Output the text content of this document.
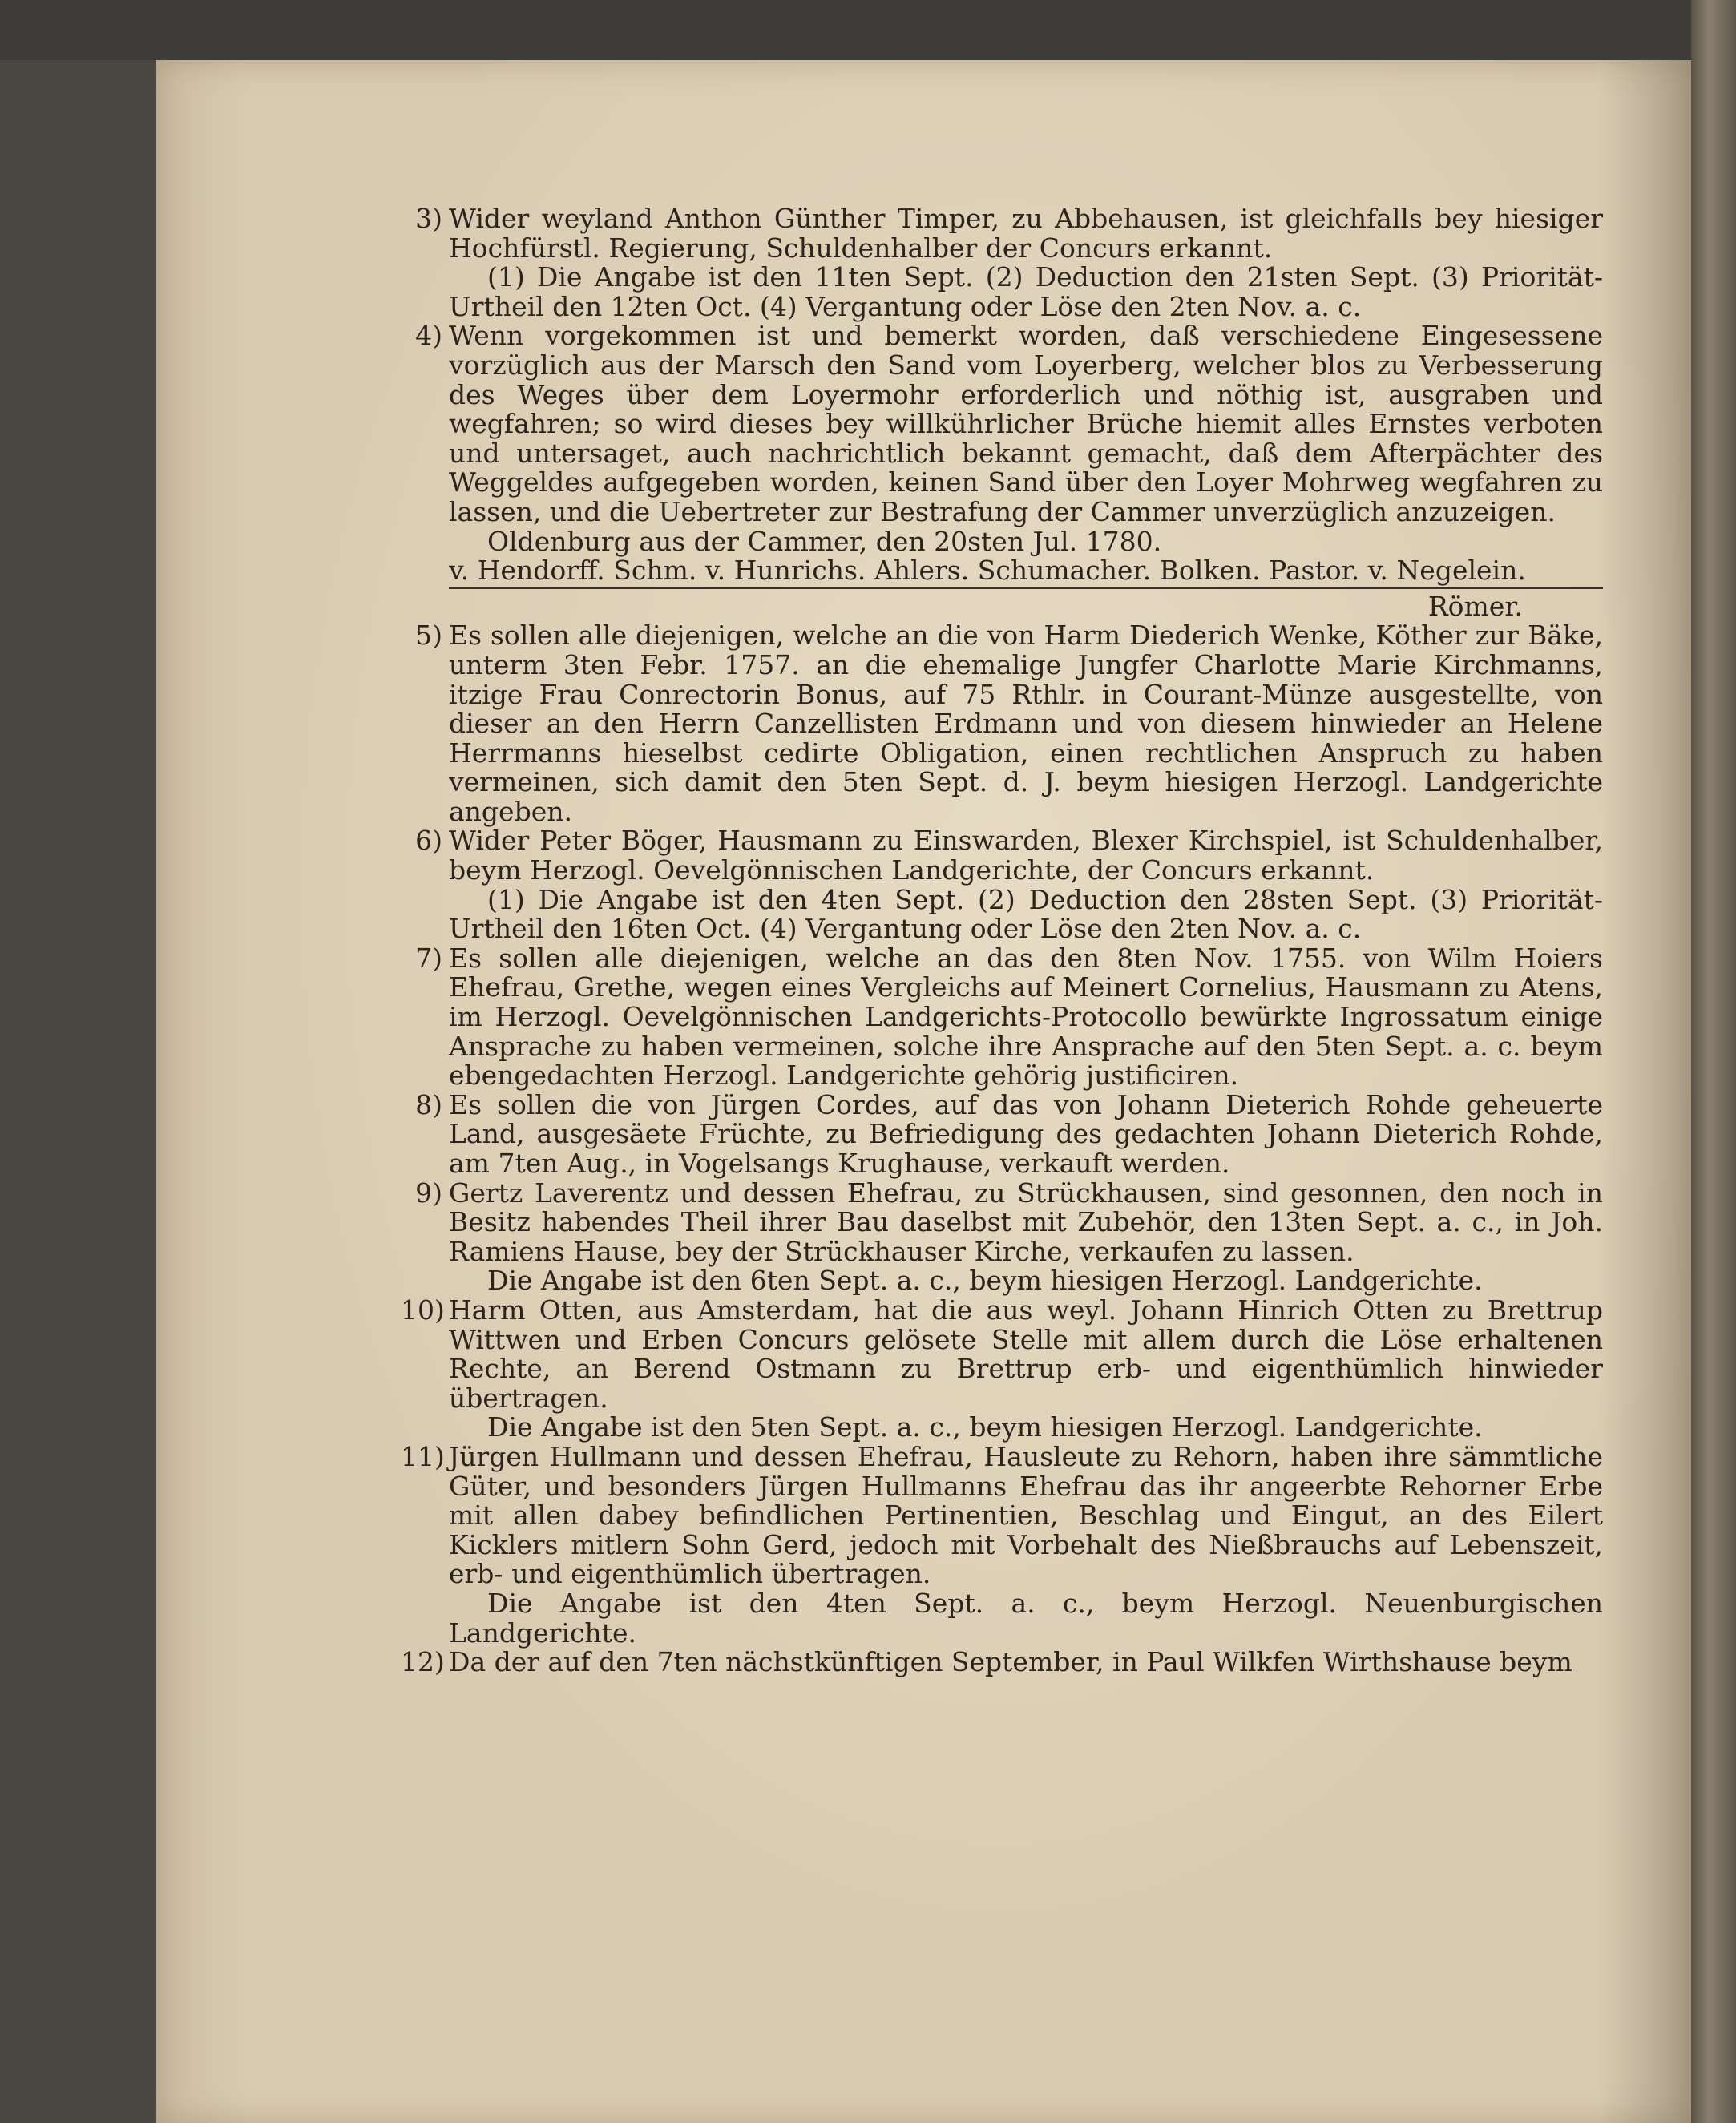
3) Wider weyland Anthon Günther Timper, zu Abbehausen, ist gleichfalls bey hiesiger Hochfürstl. Regierung, Schuldenhalber der Concurs erkannt.

(1) Die Angabe ist den 11ten Sept. (2) Deduction den 21sten Sept. (3) Priorität-Urtheil den 12ten Oct. (4) Vergantung oder Löse den 2ten Nov. a. c.

4) Wenn vorgekommen ist und bemerkt worden, daß verschiedene Eingesessene vorzüglich aus der Marsch den Sand vom Loyerberg, welcher blos zu Verbesserung des Weges über dem Loyermohr erforderlich und nöthig ist, ausgraben und wegfahren; so wird dieses bey willkührlicher Brüche hiemit alles Ernstes verboten und untersaget, auch nachrichtlich bekannt gemacht, daß dem Afterpächter des Weggeldes aufgegeben worden, keinen Sand über den Loyer Mohrweg wegfahren zu lassen, und die Uebertreter zur Bestrafung der Cammer unverzüglich anzuzeigen.

Oldenburg aus der Cammer, den 20sten Jul. 1780.

v. Hendorff. Schm. v. Hunrichs. Ahlers. Schumacher. Bolken. Pastor. v. Negelein.

Römer.

5) Es sollen alle diejenigen, welche an die von Harm Diederich Wenke, Köther zur Bäke, unterm 3ten Febr. 1757. an die ehemalige Jungfer Charlotte Marie Kirchmanns, itzige Frau Conrectorin Bonus, auf 75 Rthlr. in Courant-Münze ausgestellte, von dieser an den Herrn Canzellisten Erdmann und von diesem hinwieder an Helene Herrmanns hieselbst cedirte Obligation, einen rechtlichen Anspruch zu haben vermeinen, sich damit den 5ten Sept. d. J. beym hiesigen Herzogl. Landgerichte angeben.

6) Wider Peter Böger, Hausmann zu Einswarden, Blexer Kirchspiel, ist Schuldenhalber, beym Herzogl. Oevelgönnischen Landgerichte, der Concurs erkannt.

(1) Die Angabe ist den 4ten Sept. (2) Deduction den 28sten Sept. (3) Priorität-Urtheil den 16ten Oct. (4) Vergantung oder Löse den 2ten Nov. a. c.

7) Es sollen alle diejenigen, welche an das den 8ten Nov. 1755. von Wilm Hoiers Ehefrau, Grethe, wegen eines Vergleichs auf Meinert Cornelius, Hausmann zu Atens, im Herzogl. Oevelgönnischen Landgerichts-Protocollo bewürkte Ingrossatum einige Ansprache zu haben vermeinen, solche ihre Ansprache auf den 5ten Sept. a. c. beym ebengedachten Herzogl. Landgerichte gehörig justificiren.

8) Es sollen die von Jürgen Cordes, auf das von Johann Dieterich Rohde geheuerte Land, ausgesäete Früchte, zu Befriedigung des gedachten Johann Dieterich Rohde, am 7ten Aug., in Vogelsangs Krughause, verkauft werden.

9) Gertz Laverentz und dessen Ehefrau, zu Strückhausen, sind gesonnen, den noch in Besitz habendes Theil ihrer Bau daselbst mit Zubehör, den 13ten Sept. a. c., in Joh. Ramiens Hause, bey der Strückhauser Kirche, verkaufen zu lassen.

Die Angabe ist den 6ten Sept. a. c., beym hiesigen Herzogl. Landgerichte.

10) Harm Otten, aus Amsterdam, hat die aus weyl. Johann Hinrich Otten zu Brettrup Wittwen und Erben Concurs gelösete Stelle mit allem durch die Löse erhaltenen Rechte, an Berend Ostmann zu Brettrup erb- und eigenthümlich hinwieder übertragen.

Die Angabe ist den 5ten Sept. a. c., beym hiesigen Herzogl. Landgerichte.

11) Jürgen Hullmann und dessen Ehefrau, Hausleute zu Rehorn, haben ihre sämmtliche Güter, und besonders Jürgen Hullmanns Ehefrau das ihr angeerbte Rehorner Erbe mit allen dabey befindlichen Pertinentien, Beschlag und Eingut, an des Eilert Kicklers mitlern Sohn Gerd, jedoch mit Vorbehalt des Nießbrauchs auf Lebenszeit, erb- und eigenthümlich übertragen.

Die Angabe ist den 4ten Sept. a. c., beym Herzogl. Neuenburgischen Landgerichte.

12) Da der auf den 7ten nächstkünftigen September, in Paul Wilkfen Wirthshause beym
